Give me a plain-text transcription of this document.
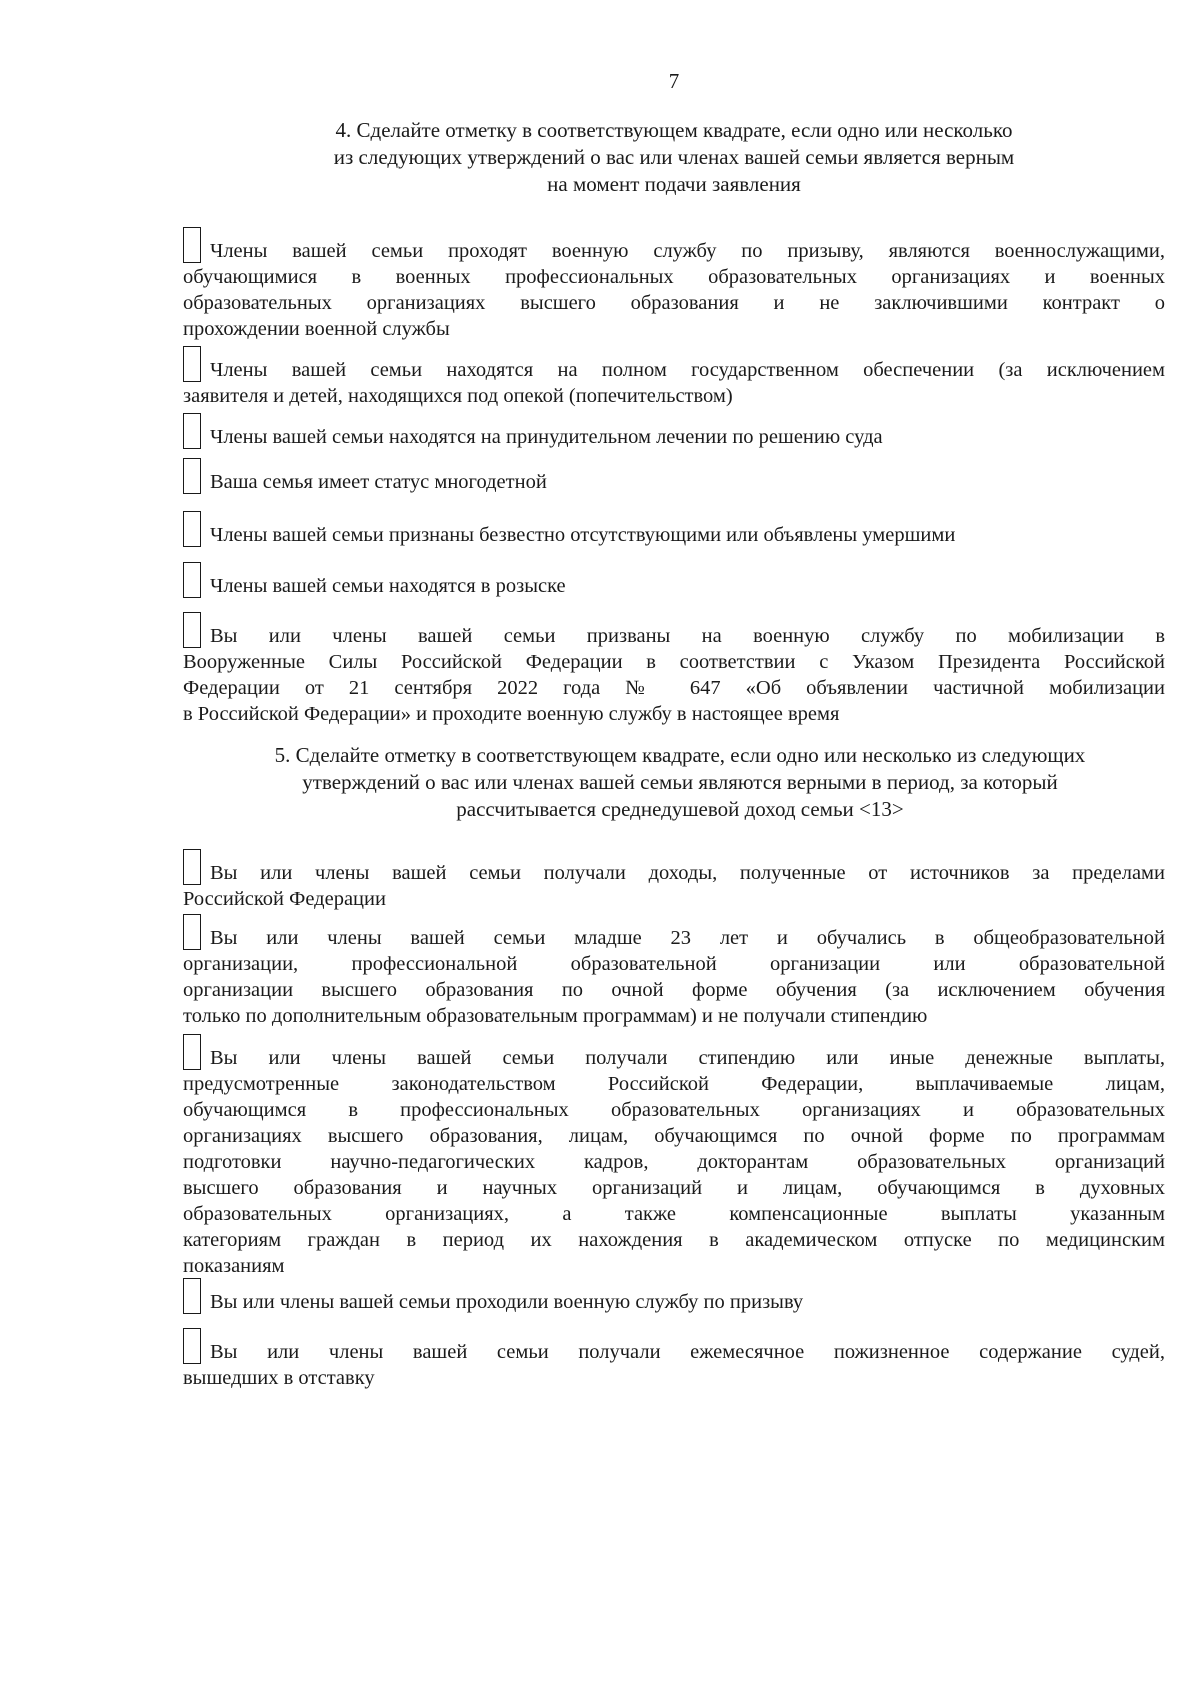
7
4. Сделайте отметку в соответствующем квадрате, если одно или несколько
из следующих утверждений о вас или членах вашей семьи является верным
на момент подачи заявления
Члены вашей семьи проходят военную службу по призыву, являются военнослужащими,
обучающимися в военных профессиональных образовательных организациях и военных
образовательных организациях высшего образования и не заключившими контракт о
прохождении военной службы
Члены вашей семьи находятся на полном государственном обеспечении (за исключением
заявителя и детей, находящихся под опекой (попечительством)
Члены вашей семьи находятся на принудительном лечении по решению суда
Ваша семья имеет статус многодетной
Члены вашей семьи признаны безвестно отсутствующими или объявлены умершими
Члены вашей семьи находятся в розыске
Вы или члены вашей семьи призваны на военную службу по мобилизации в
Вооруженные Силы Российской Федерации в соответствии с Указом Президента Российской
Федерации от 21 сентября 2022 года № 647 «Об объявлении частичной мобилизации
в Российской Федерации» и проходите военную службу в настоящее время
5. Сделайте отметку в соответствующем квадрате, если одно или несколько из следующих
утверждений о вас или членах вашей семьи являются верными в период, за который
рассчитывается среднедушевой доход семьи <13>
Вы или члены вашей семьи получали доходы, полученные от источников за пределами
Российской Федерации
Вы или члены вашей семьи младше 23 лет и обучались в общеобразовательной
организации, профессиональной образовательной организации или образовательной
организации высшего образования по очной форме обучения (за исключением обучения
только по дополнительным образовательным программам) и не получали стипендию
Вы или члены вашей семьи получали стипендию или иные денежные выплаты,
предусмотренные законодательством Российской Федерации, выплачиваемые лицам,
обучающимся в профессиональных образовательных организациях и образовательных
организациях высшего образования, лицам, обучающимся по очной форме по программам
подготовки научно-педагогических кадров, докторантам образовательных организаций
высшего образования и научных организаций и лицам, обучающимся в духовных
образовательных организациях, а также компенсационные выплаты указанным
категориям граждан в период их нахождения в академическом отпуске по медицинским
показаниям
Вы или члены вашей семьи проходили военную службу по призыву
Вы или члены вашей семьи получали ежемесячное пожизненное содержание судей,
вышедших в отставку
